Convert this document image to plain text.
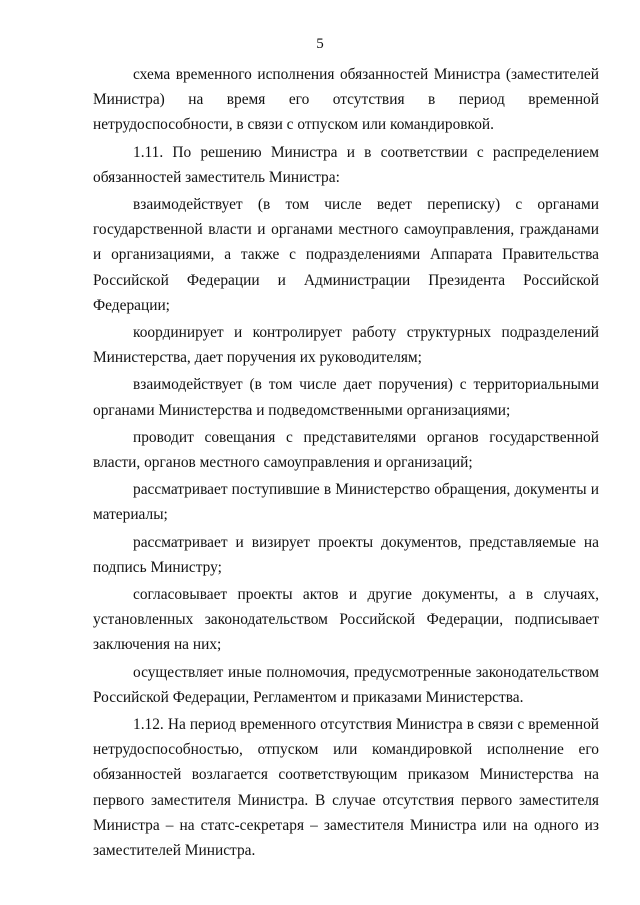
5

схема временного исполнения обязанностей Министра (заместителей Министра) на время его отсутствия в период временной нетрудоспособности, в связи с отпуском или командировкой.

1.11. По решению Министра и в соответствии с распределением обязанностей заместитель Министра:

взаимодействует (в том числе ведет переписку) с органами государственной власти и органами местного самоуправления, гражданами и организациями, а также с подразделениями Аппарата Правительства Российской Федерации и Администрации Президента Российской Федерации;

координирует и контролирует работу структурных подразделений Министерства, дает поручения их руководителям;

взаимодействует (в том числе дает поручения) с территориальными органами Министерства и подведомственными организациями;

проводит совещания с представителями органов государственной власти, органов местного самоуправления и организаций;

рассматривает поступившие в Министерство обращения, документы и материалы;

рассматривает и визирует проекты документов, представляемые на подпись Министру;

согласовывает проекты актов и другие документы, а в случаях, установленных законодательством Российской Федерации, подписывает заключения на них;

осуществляет иные полномочия, предусмотренные законодательством Российской Федерации, Регламентом и приказами Министерства.

1.12. На период временного отсутствия Министра в связи с временной нетрудоспособностью, отпуском или командировкой исполнение его обязанностей возлагается соответствующим приказом Министерства на первого заместителя Министра. В случае отсутствия первого заместителя Министра – на статс-секретаря – заместителя Министра или на одного из заместителей Министра.
